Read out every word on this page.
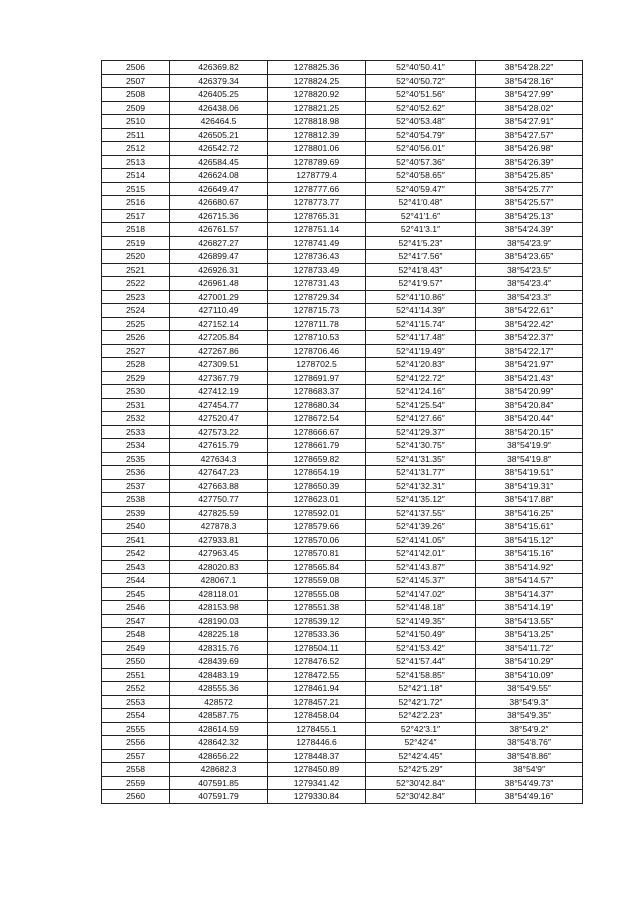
2506	426369.82	1278825.36	52°40′50.41″	38°54′28.22″
2507	426379.34	1278824.25	52°40′50.72″	38°54′28.16″
2508	426405.25	1278820.92	52°40′51.56″	38°54′27.99″
2509	426438.06	1278821.25	52°40′52.62″	38°54′28.02″
2510	426464.5	1278818.98	52°40′53.48″	38°54′27.91″
2511	426505.21	1278812.39	52°40′54.79″	38°54′27.57″
2512	426542.72	1278801.06	52°40′56.01″	38°54′26.98″
2513	426584.45	1278789.69	52°40′57.36″	38°54′26.39″
2514	426624.08	1278779.4	52°40′58.65″	38°54′25.85″
2515	426649.47	1278777.66	52°40′59.47″	38°54′25.77″
2516	426680.67	1278773.77	52°41′0.48″	38°54′25.57″
2517	426715.36	1278765.31	52°41′1.6″	38°54′25.13″
2518	426761.57	1278751.14	52°41′3.1″	38°54′24.39″
2519	426827.27	1278741.49	52°41′5.23″	38°54′23.9″
2520	426899.47	1278736.43	52°41′7.56″	38°54′23.65″
2521	426926.31	1278733.49	52°41′8.43″	38°54′23.5″
2522	426961.48	1278731.43	52°41′9.57″	38°54′23.4″
2523	427001.29	1278729.34	52°41′10.86″	38°54′23.3″
2524	427110.49	1278715.73	52°41′14.39″	38°54′22.61″
2525	427152.14	1278711.78	52°41′15.74″	38°54′22.42″
2526	427205.84	1278710.53	52°41′17.48″	38°54′22.37″
2527	427267.86	1278706.46	52°41′19.49″	38°54′22.17″
2528	427309.51	1278702.5	52°41′20.83″	38°54′21.97″
2529	427367.79	1278691.97	52°41′22.72″	38°54′21.43″
2530	427412.19	1278683.37	52°41′24.16″	38°54′20.99″
2531	427454.77	1278680.34	52°41′25.54″	38°54′20.84″
2532	427520.47	1278672.54	52°41′27.66″	38°54′20.44″
2533	427573.22	1278666.67	52°41′29.37″	38°54′20.15″
2534	427615.79	1278661.79	52°41′30.75″	38°54′19.9″
2535	427634.3	1278659.82	52°41′31.35″	38°54′19.8″
2536	427647.23	1278654.19	52°41′31.77″	38°54′19.51″
2537	427663.88	1278650.39	52°41′32.31″	38°54′19.31″
2538	427750.77	1278623.01	52°41′35.12″	38°54′17.88″
2539	427825.59	1278592.01	52°41′37.55″	38°54′16.25″
2540	427878.3	1278579.66	52°41′39.26″	38°54′15.61″
2541	427933.81	1278570.06	52°41′41.05″	38°54′15.12″
2542	427963.45	1278570.81	52°41′42.01″	38°54′15.16″
2543	428020.83	1278565.84	52°41′43.87″	38°54′14.92″
2544	428067.1	1278559.08	52°41′45.37″	38°54′14.57″
2545	428118.01	1278555.08	52°41′47.02″	38°54′14.37″
2546	428153.98	1278551.38	52°41′48.18″	38°54′14.19″
2547	428190.03	1278539.12	52°41′49.35″	38°54′13.55″
2548	428225.18	1278533.36	52°41′50.49″	38°54′13.25″
2549	428315.76	1278504.11	52°41′53.42″	38°54′11.72″
2550	428439.69	1278476.52	52°41′57.44″	38°54′10.29″
2551	428483.19	1278472.55	52°41′58.85″	38°54′10.09″
2552	428555.36	1278461.94	52°42′1.18″	38°54′9.55″
2553	428572	1278457.21	52°42′1.72″	38°54′9.3″
2554	428587.75	1278458.04	52°42′2.23″	38°54′9.35″
2555	428614.59	1278455.1	52°42′3.1″	38°54′9.2″
2556	428642.32	1278446.6	52°42′4″	38°54′8.76″
2557	428656.22	1278448.37	52°42′4.45″	38°54′8.86″
2558	428682.3	1278450.89	52°42′5.29″	38°54′9″
2559	407591.85	1279341.42	52°30′42.84″	38°54′49.73″
2560	407591.79	1279330.84	52°30′42.84″	38°54′49.16″
